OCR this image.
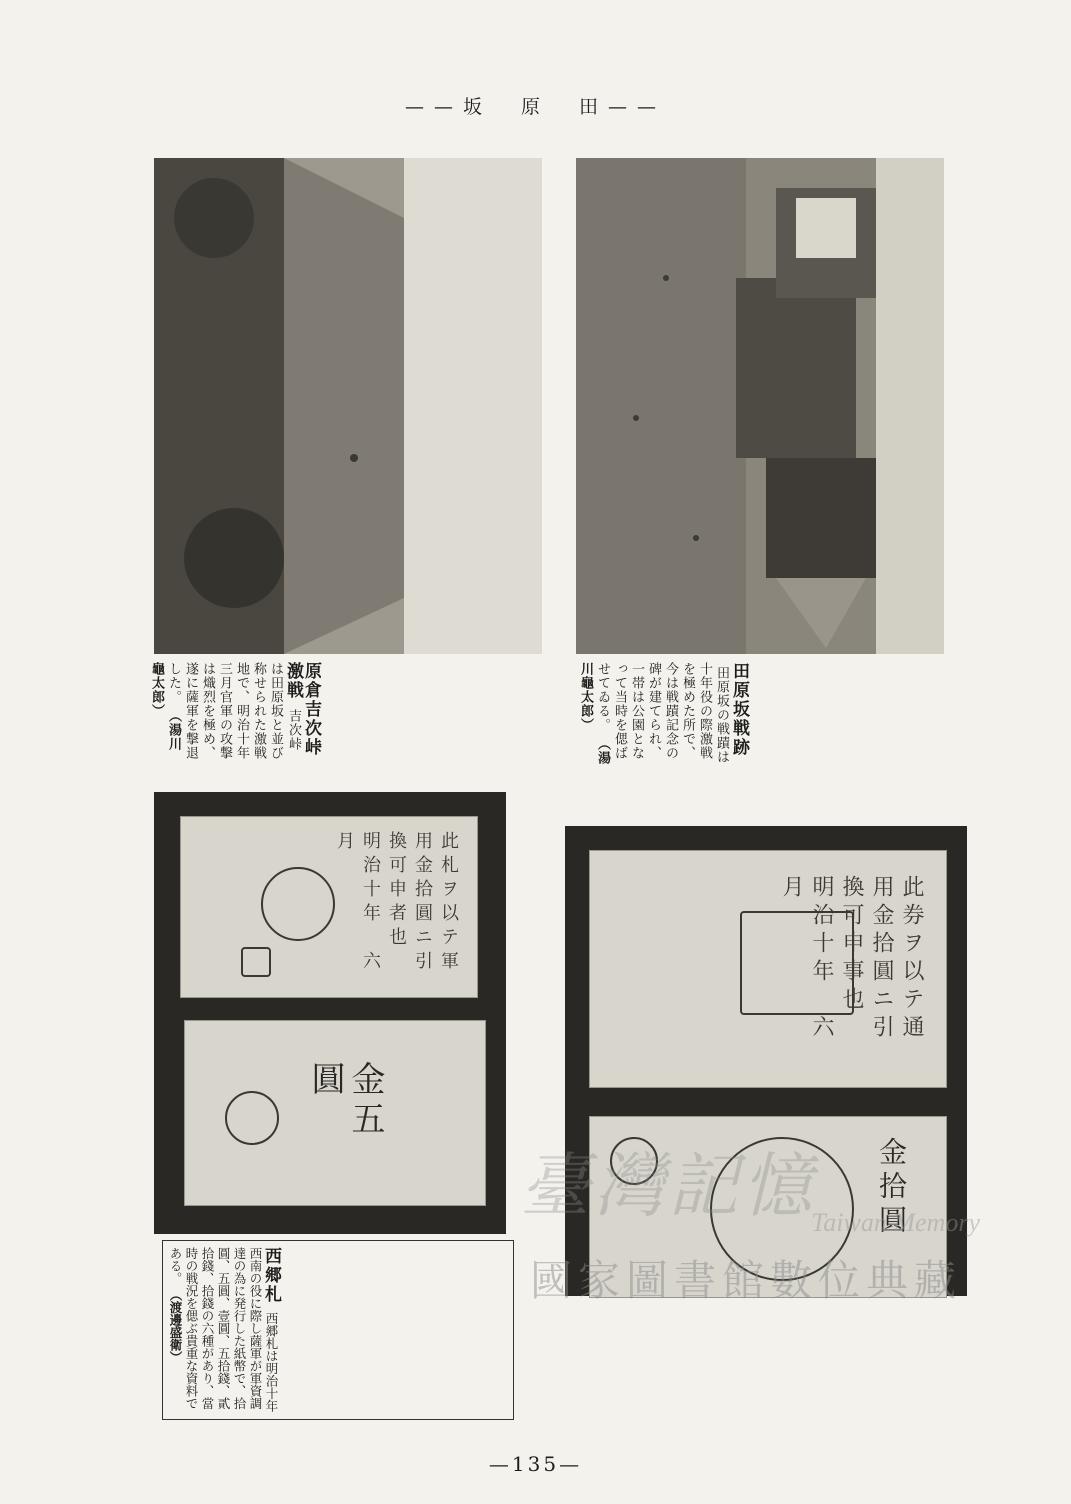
——坂　原　田——
田原坂戦跡 田原坂の戦蹟は十年役の際激戦を極めた所で、今は戦蹟記念の碑が建てられ、一帯は公園となって当時を偲ばせてゐる。 （湯川龜太郎）
原倉吉次峠激戦 吉次峠は田原坂と並び称せられた激戦地で、明治十年三月官軍の攻撃は熾烈を極め、遂に薩軍を撃退した。 （湯川龜太郎）
此札ヲ以テ軍用金拾圓ニ引換可申者也　明治十年　六月
金五圓
此券ヲ以テ通用金拾圓ニ引換可申事也　明治十年　六月
金拾圓
西郷札 西郷札は明治十年西南の役に際し薩軍が軍資調達の為に発行した紙幣で、拾圓、五圓、壹圓、五拾錢、貳拾錢、拾錢の六種があり、當時の戦況を偲ぶ貴重な資料である。 （渡邊盛衛）
臺灣記憶
Taiwan Memory
國家圖書館數位典藏
—135—
